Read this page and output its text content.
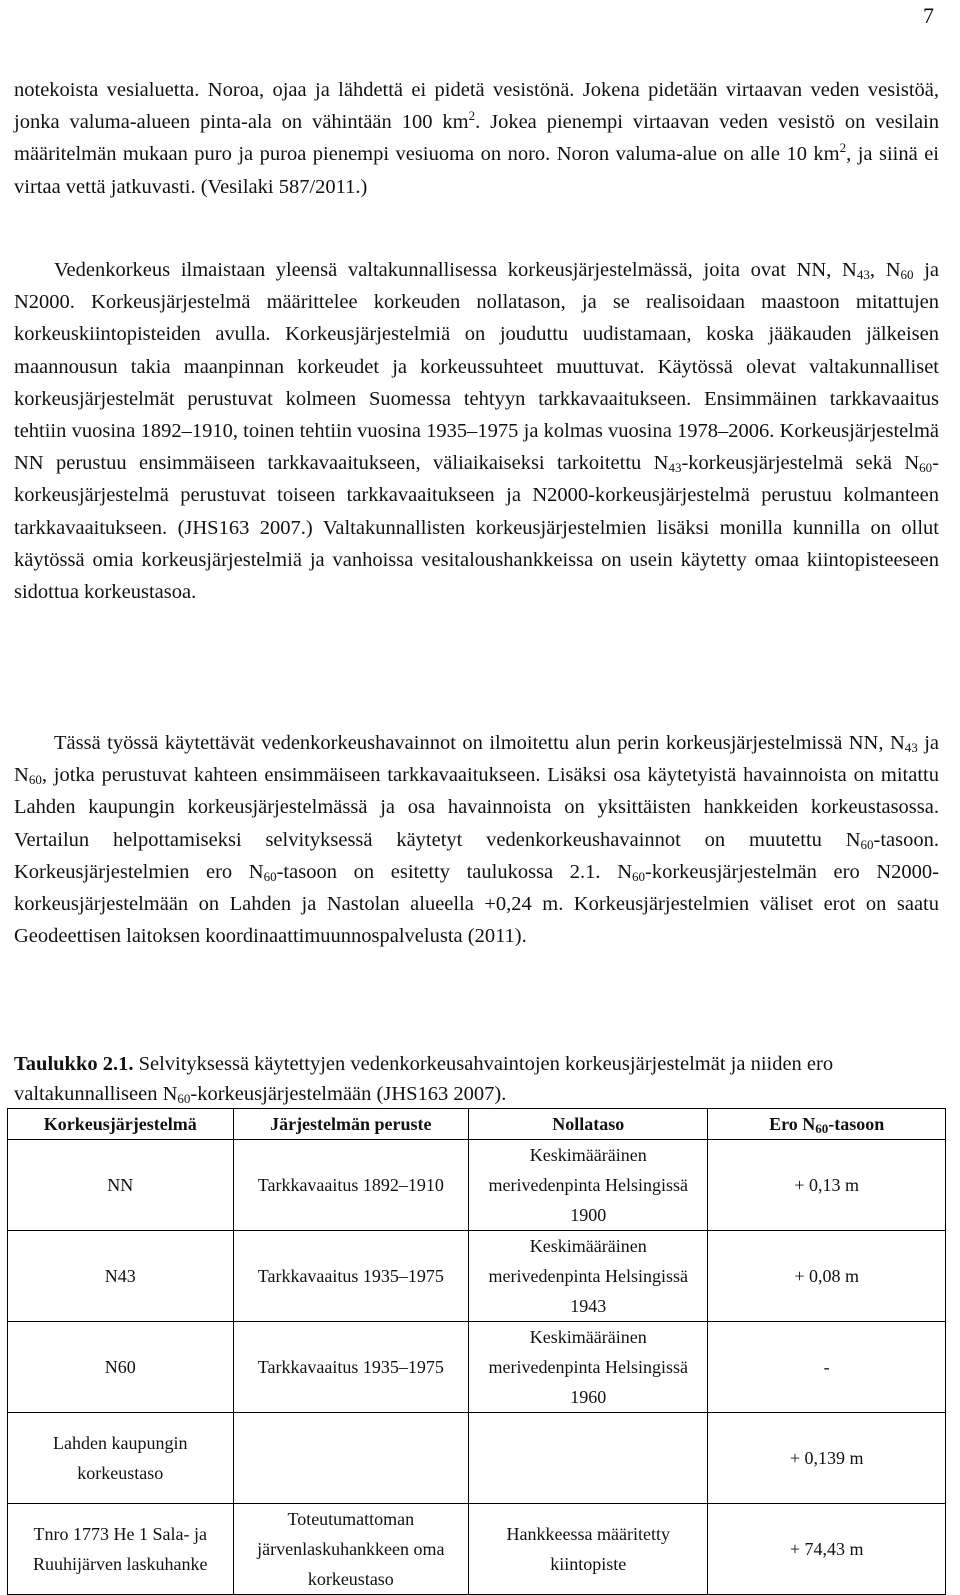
7

notekoista vesialuetta. Noroa, ojaa ja lähdettä ei pidetä vesistönä. Jokena pidetään virtaavan veden vesistöä, jonka valuma-alueen pinta-ala on vähintään 100 $km^2$. Jokea pienempi virtaavan veden vesistö on vesilain määritelmän mukaan puro ja puroa pienempi vesiuoma on noro. Noron valuma-alue on alle 10 $km^2$, ja siinä ei virtaa vettä jatkuvasti. (Vesilaki 587/2011.)

Vedenkorkeus ilmaistaan yleensä valtakunnallisessa korkeusjärjestelmässä, joita ovat NN, $N_{43}$, $N_{60}$ ja N2000. Korkeusjärjestelmä määrittelee korkeuden nollatason, ja se realisoidaan maastoon mitattujen korkeuskiintopisteiden avulla. Korkeusjärjestelmiä on jouduttu uudistamaan, koska jääkauden jälkeisen maannousun takia maanpinnan korkeudet ja korkeussuhteet muuttuvat. Käytössä olevat valtakunnalliset korkeusjärjestelmät perustuvat kolmeen Suomessa tehtyyn tarkkavaaitukseen. Ensimmäinen tarkkavaaitus tehtiin vuosina 1892–1910, toinen tehtiin vuosina 1935–1975 ja kolmas vuosina 1978–2006. Korkeusjärjestelmä NN perustuu ensimmäiseen tarkkavaaitukseen, väliaikaiseksi tarkoitettu $N_{43}$-korkeusjärjestelmä sekä $N_{60}$-korkeusjärjestelmä perustuvat toiseen tarkkavaaitukseen ja N2000-korkeusjärjestelmä perustuu kolmanteen tarkkavaaitukseen. (JHS163 2007.) Valtakunnallisten korkeusjärjestelmien lisäksi monilla kunnilla on ollut käytössä omia korkeusjärjestelmiä ja vanhoissa vesitaloushankkeissa on usein käytetty omaa kiintopisteeseen sidottua korkeustasoa.

Tässä työssä käytettävät vedenkorkeushavainnot on ilmoitettu alun perin korkeusjärjestelmissä NN, $N_{43}$ ja $N_{60}$, jotka perustuvat kahteen ensimmäiseen tarkkavaaitukseen. Lisäksi osa käytetyistä havainnoista on mitattu Lahden kaupungin korkeusjärjestelmässä ja osa havainnoista on yksittäisten hankkeiden korkeustasossa. Vertailun helpottamiseksi selvityksessä käytetyt vedenkorkeushavainnot on muutettu $N_{60}$-tasoon. Korkeusjärjestelmien ero $N_{60}$-tasoon on esitetty taulukossa 2.1. $N_{60}$-korkeusjärjestelmän ero N2000-korkeusjärjestelmään on Lahden ja Nastolan alueella +0,24 m. Korkeusjärjestelmien väliset erot on saatu Geodeettisen laitoksen koordinaattimuunnospalvelusta (2011).

Taulukko 2.1. Selvityksessä käytettyjen vedenkorkeusahvaintojen korkeusjärjestelmät ja niiden ero valtakunnalliseen $N_{60}$-korkeusjärjestelmään (JHS163 2007).

Korkeusjärjestelmä	Järjestelmän peruste	Nollataso	Ero $N_{60}$-tasoon
NN	Tarkkavaaitus 1892–1910	Keskimääräinen merivedenpinta Helsingissä 1900	+ 0,13 m
N43	Tarkkavaaitus 1935–1975	Keskimääräinen merivedenpinta Helsingissä 1943	+ 0,08 m
N60	Tarkkavaaitus 1935–1975	Keskimääräinen merivedenpinta Helsingissä 1960	-
Lahden kaupungin korkeustaso			+ 0,139 m
Tnro 1773 He 1 Sala- ja Ruuhijärven laskuhanke	Toteutumattoman järvenlaskuhankkeen oma korkeustaso	Hankkeessa määritetty kiintopiste	+ 74,43 m
